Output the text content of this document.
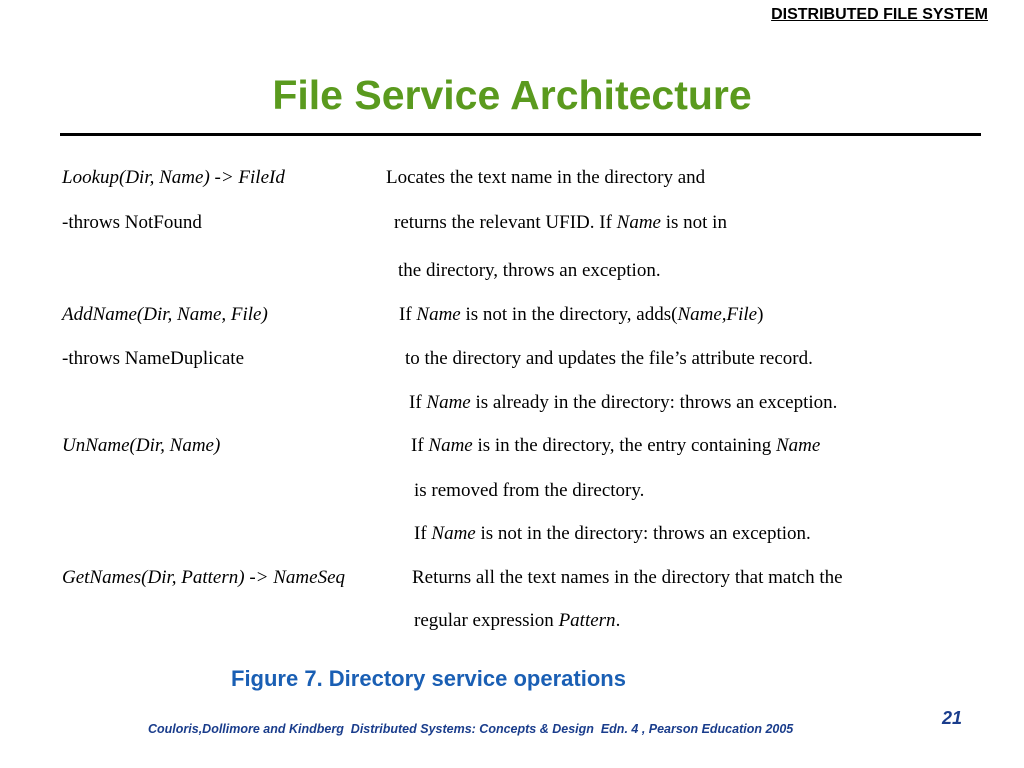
DISTRIBUTED FILE SYSTEM
File Service Architecture
Lookup(Dir, Name) -> FileId	Locates the text name in the directory and
-throws NotFound	returns the relevant UFID. If Name is not in
the directory, throws an exception.
AddName(Dir, Name, File)	If Name is not in the directory, adds(Name,File)
-throws NameDuplicate	to the directory and updates the file’s attribute record.
If Name is already in the directory: throws an exception.
UnName(Dir, Name)	If Name is in the directory, the entry containing Name
is removed from the directory.
If Name is not in the directory: throws an exception.
GetNames(Dir, Pattern) -> NameSeq	Returns all the text names in the directory that match the
regular expression Pattern.
Figure 7. Directory service operations
21
Couloris,Dollimore and Kindberg  Distributed Systems: Concepts & Design  Edn. 4 , Pearson Education 2005
